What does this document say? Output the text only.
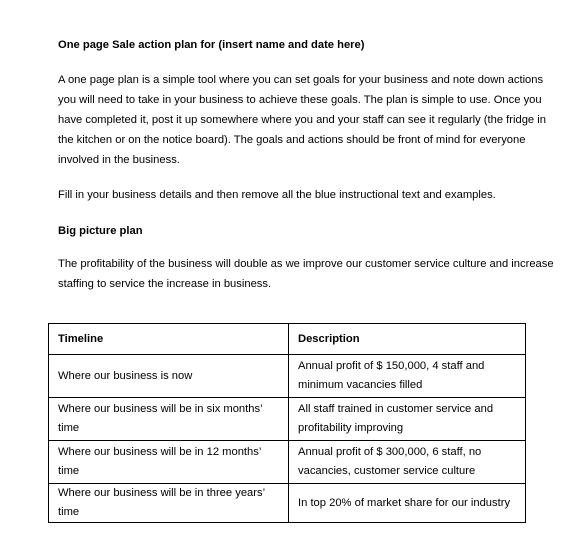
One page Sale action plan for (insert name and date here)

A one page plan is a simple tool where you can set goals for your business and note down actions
you will need to take in your business to achieve these goals. The plan is simple to use. Once you
have completed it, post it up somewhere where you and your staff can see it regularly (the fridge in
the kitchen or on the notice board). The goals and actions should be front of mind for everyone
involved in the business.

Fill in your business details and then remove all the blue instructional text and examples.

Big picture plan

The profitability of the business will double as we improve our customer service culture and increase
staffing to service the increase in business.

Timeline	Description
Where our business is now	Annual profit of $ 150,000, 4 staff and
minimum vacancies filled

Where our business will be in six months’ time	All staff trained in customer service and
profitability improving

Where our business will be in 12 months’ time	Annual profit of $ 300,000, 6 staff, no
vacancies, customer service culture

Where our business will be in three years’ time	In top 20% of market share for our industry
